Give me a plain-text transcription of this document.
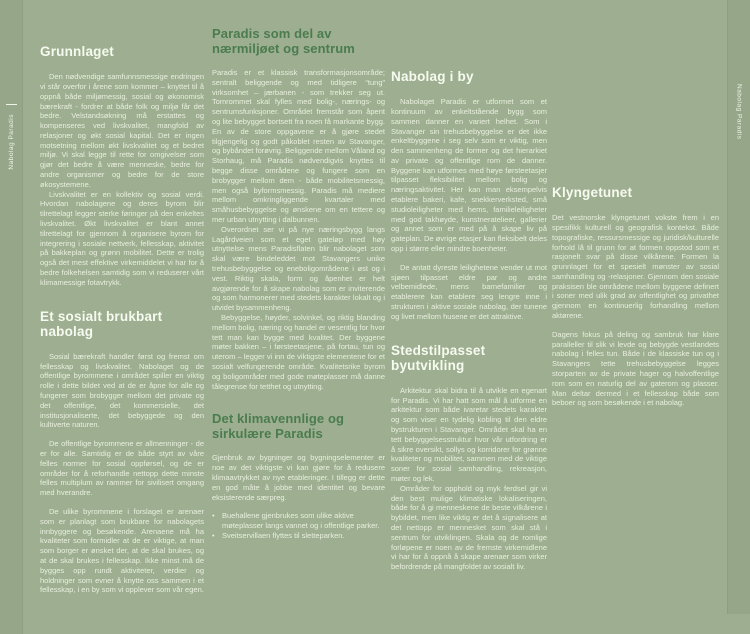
Nabolag Paradis
Nabolag Paradis
Grunnlaget

Den nødvendige samfunnsmessige endringen vi står overfor i årene som kommer – knyttet til å oppnå både miljømessig, sosial og økonomisk bærekraft - fordrer at både folk og miljø får det bedre. Velstandsøkning må erstattes og kompenseres ved livskvalitet, mangfold av relasjoner og økt sosial kapital. Det er ingen motsetning mellom økt livskvalitet og et bedret miljø. Vi skal legge til rette for omgivelser som gjør det bedre å være menneske, bedre for andre organismer og bedre for de store økosystemene.

Livskvalitet er en kollektiv og sosial verdi. Hvordan nabolagene og deres byrom blir tilrettelagt legger sterke føringer på den enkeltes livskvalitet. Økt livskvalitet er blant annet tilrettelagt for gjennom å organisere byrom for integrering i sosiale nettverk, fellesskap, aktivitet på bakkeplan og grønn mobilitet. Dette er trolig også det mest effektive virkemiddelet vi har for å bedre folkehelsen samtidig som vi reduserer vårt klimamessige fotavtrykk.

Et sosialt brukbart nabolag

Sosial bærekraft handler først og fremst om fellesskap og livskvalitet. Nabolaget og de offentlige byrommene i området spiller en viktig rolle i dette bildet ved at de er åpne for alle og fungerer som brobygger mellom det private og det offentlige, det kommersielle, det institusjonaliserte, det bebyggede og den kultiverte naturen.

De offentlige byrommene er allmenninger - de er for alle. Samtidig er de både styrt av våre felles normer for sosial oppførsel, og de er områder for å reforhandle nettopp dette minste felles multiplum av rammer for sivilisert omgang med hverandre.

De ulike byrommene i forslaget er arenaer som er planlagt som brukbare for nabolagets innbyggere og besøkende. Arenaene må ha kvaliteter som formidler at de er viktige, at man som borger er ønsket der, at de skal brukes, og at de skal brukes i fellesskap. Ikke minst må de bygges opp rundt aktiviteter, verdier og holdninger som evner å knytte oss sammen i et fellesskap, i en by som vi opplever som vår egen.

Paradis som del av nærmiljøet og sentrum

Paradis er et klassisk transformasjonsområde; sentralt beliggende og med tidligere “tung” virksomhet – jærbanen - som trekker seg ut. Tomrommet skal fylles med bolig-, nærings- og sentrumsfunksjoner. Området fremstår som åpent og lite bebygget bortsett fra noen få markante bygg. En av de store oppgavene er å gjøre stedet tilgjengelig og godt påkoblet resten av Stavanger, og bybåndet forøvrig. Beliggende mellom Våland og Storhaug, må Paradis nødvendigvis knyttes til begge disse områdene og fungere som en brobygger mellom dem - både mobilitetsmessig, men også byformsmessig. Paradis må mediere mellom omkringliggende kvartaler med småhusbebyggelse og ønskene om en tettere og mer urban utnytting i dalbunnen.

Overordnet ser vi på nye næringsbygg langs Lagårdveien som et eget gateløp med høy utnyttelse mens Paradisflaten blir nabolaget som skal være bindeleddet mot Stavangers unike trehusbebyggelse og eneboligområdene i øst og i vest. Riktig skala, form og åpenhet er helt avgjørende for å skape nabolag som er inviterende og som harmonerer med stedets karakter lokalt og i utvidet bysammenheng.

Bebyggelse, høyder, solvinkel, og riktig blanding mellom bolig, næring og handel er vesentlig for hvor tett man kan bygge med kvalitet. Der byggene møter bakken – i førsteetasjene, på fortau, tun og uterom – legger vi inn de viktigste elementene for et sosialt velfungerende område. Kvalitetsrike byrom og boligområder med gode møteplasser må danne tålegrense for tetthet og utnytting.

Det klimavennlige og sirkulære Paradis

Gjenbruk av bygninger og bygningselementer er noe av det viktigste vi kan gjøre for å redusere klimaavtrykket av nye etableringer. I tillegg er dette en god måte å jobbe med identitet og bevare eksisterende særpreg.

• Buehallene gjenbrukes som ulike aktive møteplasser langs vannet og i offentlige parker.
• Sveitservillaen flyttes til sletteparken.
Nabolag i by

Nabolaget Paradis er utformet som et kontinuum av enkeltstående bygg som sammen danner en variert helhet. Som i Stavanger sin trehusbebyggelse er det ikke enkeltbyggene i seg selv som er viktig, men den sammenheng de former og det hierarkiet av private og offentlige rom de danner. Byggene kan utformes med høye førsteetasjer tilpasset fleksibilitet mellom bolig og næringsaktivitet. Her kan man eksempelvis etablere bakeri, kafe, snekkerverksted, små studioleiligheter med hems, familieleiligheter med god takhøyde, kunstneratelieer, gallerier og annet som er med på å skape liv på gateplan. De øvrige etasjer kan fleksibelt deles opp i større eller mindre boenheter.

De antatt dyreste leilighetene vender ut mot sjøen tilpasset eldre par og andre velbemidlede, mens barnefamilier og etablerere kan etablere seg lengre inne i strukturen i aktive sosiale nabolag, der tunene og livet mellom husene er det attraktive.

Stedstilpasset byutvikling

Arkitektur skal bidra til å utvikle en egenart for Paradis. Vi har hatt som mål å utforme en arkitektur som både ivaretar stedets karakter og som viser en tydelig kobling til den eldre bystrukturen i Stavanger. Området skal ha en tett bebyggelsesstruktur hvor vår utfordring er å sikre oversikt, sollys og korridorer for grønne kvaliteter og mobilitet, sammen med de viktige soner for sosial samhandling, rekreasjon, møter og lek.

Områder for opphold og myk ferdsel gir vi den best mulige klimatiske lokaliseringen, både for å gi menneskene de beste vilkårene i bybildet, men like viktig er det å signalisere at det nettopp er mennesket som skal stå i sentrum for utviklingen. Skala og de romlige forløpene er noen av de fremste virkemidlene vi har for å oppnå å skape arenaer som virker befordrende på mangfoldet av sosialt liv.

Klyngetunet

Det vestnorske klyngetunet vokste frem i en spesifikk kulturell og geografisk kontekst. Både topografiske, ressursmessige og juridisk/kulturelle forhold lå til grunn for at formen oppstod som et rasjonelt svar på disse vilkårene. Formen la grunnlaget for et spesielt mønster av sosial samhandling og -relasjoner. Gjennom den sosiale praksisen ble områdene mellom byggene definert i soner med ulik grad av offentlighet og privathet gjennom en kontinuerlig forhandling mellom aktørene.

Dagens fokus på deling og sambruk har klare paralleller til slik vi levde og bebygde vestlandets nabolag i felles tun. Både i de klassiske tun og i Stavangers tette trehusbebyggelse legges storparten av de private hager og halvoffentlige rom som en naturlig del av gaterom og plasser. Man deltar dermed i et fellesskap både som beboer og som besøkende i et nabolag.
